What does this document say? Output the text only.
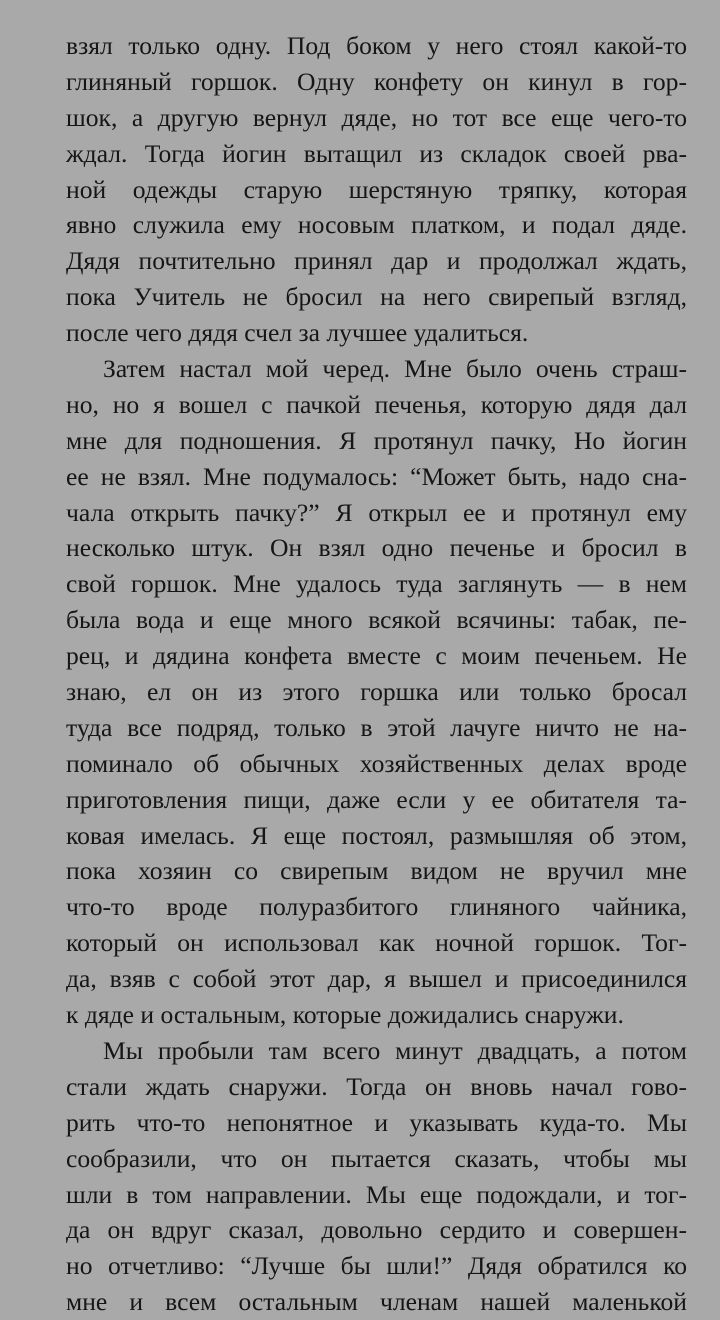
взял только одну. Под боком у него стоял какой-то
глиняный горшок. Одну конфету он кинул в гор-
шок, а другую вернул дяде, но тот все еще чего-то
ждал. Тогда йогин вытащил из складок своей рва-
ной одежды старую шерстяную тряпку, которая
явно служила ему носовым платком, и подал дяде.
Дядя почтительно принял дар и продолжал ждать,
пока Учитель не бросил на него свирепый взгляд,
после чего дядя счел за лучшее удалиться.
Затем настал мой черед. Мне было очень страш-
но, но я вошел с пачкой печенья, которую дядя дал
мне для подношения. Я протянул пачку, Но йогин
ее не взял. Мне подумалось: “Может быть, надо сна-
чала открыть пачку?” Я открыл ее и протянул ему
несколько штук. Он взял одно печенье и бросил в
свой горшок. Мне удалось туда заглянуть — в нем
была вода и еще много всякой всячины: табак, пе-
рец, и дядина конфета вместе с моим печеньем. Не
знаю, ел он из этого горшка или только бросал
туда все подряд, только в этой лачуге ничто не на-
поминало об обычных хозяйственных делах вроде
приготовления пищи, даже если у ее обитателя та-
ковая имелась. Я еще постоял, размышляя об этом,
пока хозяин со свирепым видом не вручил мне
что-то вроде полуразбитого глиняного чайника,
который он использовал как ночной горшок. Тог-
да, взяв с собой этот дар, я вышел и присоединился
к дяде и остальным, которые дожидались снаружи.
Мы пробыли там всего минут двадцать, а потом
стали ждать снаружи. Тогда он вновь начал гово-
рить что-то непонятное и указывать куда-то. Мы
сообразили, что он пытается сказать, чтобы мы
шли в том направлении. Мы еще подождали, и тог-
да он вдруг сказал, довольно сердито и совершен-
но отчетливо: “Лучше бы шли!” Дядя обратился ко
мне и всем остальным членам нашей маленькой
